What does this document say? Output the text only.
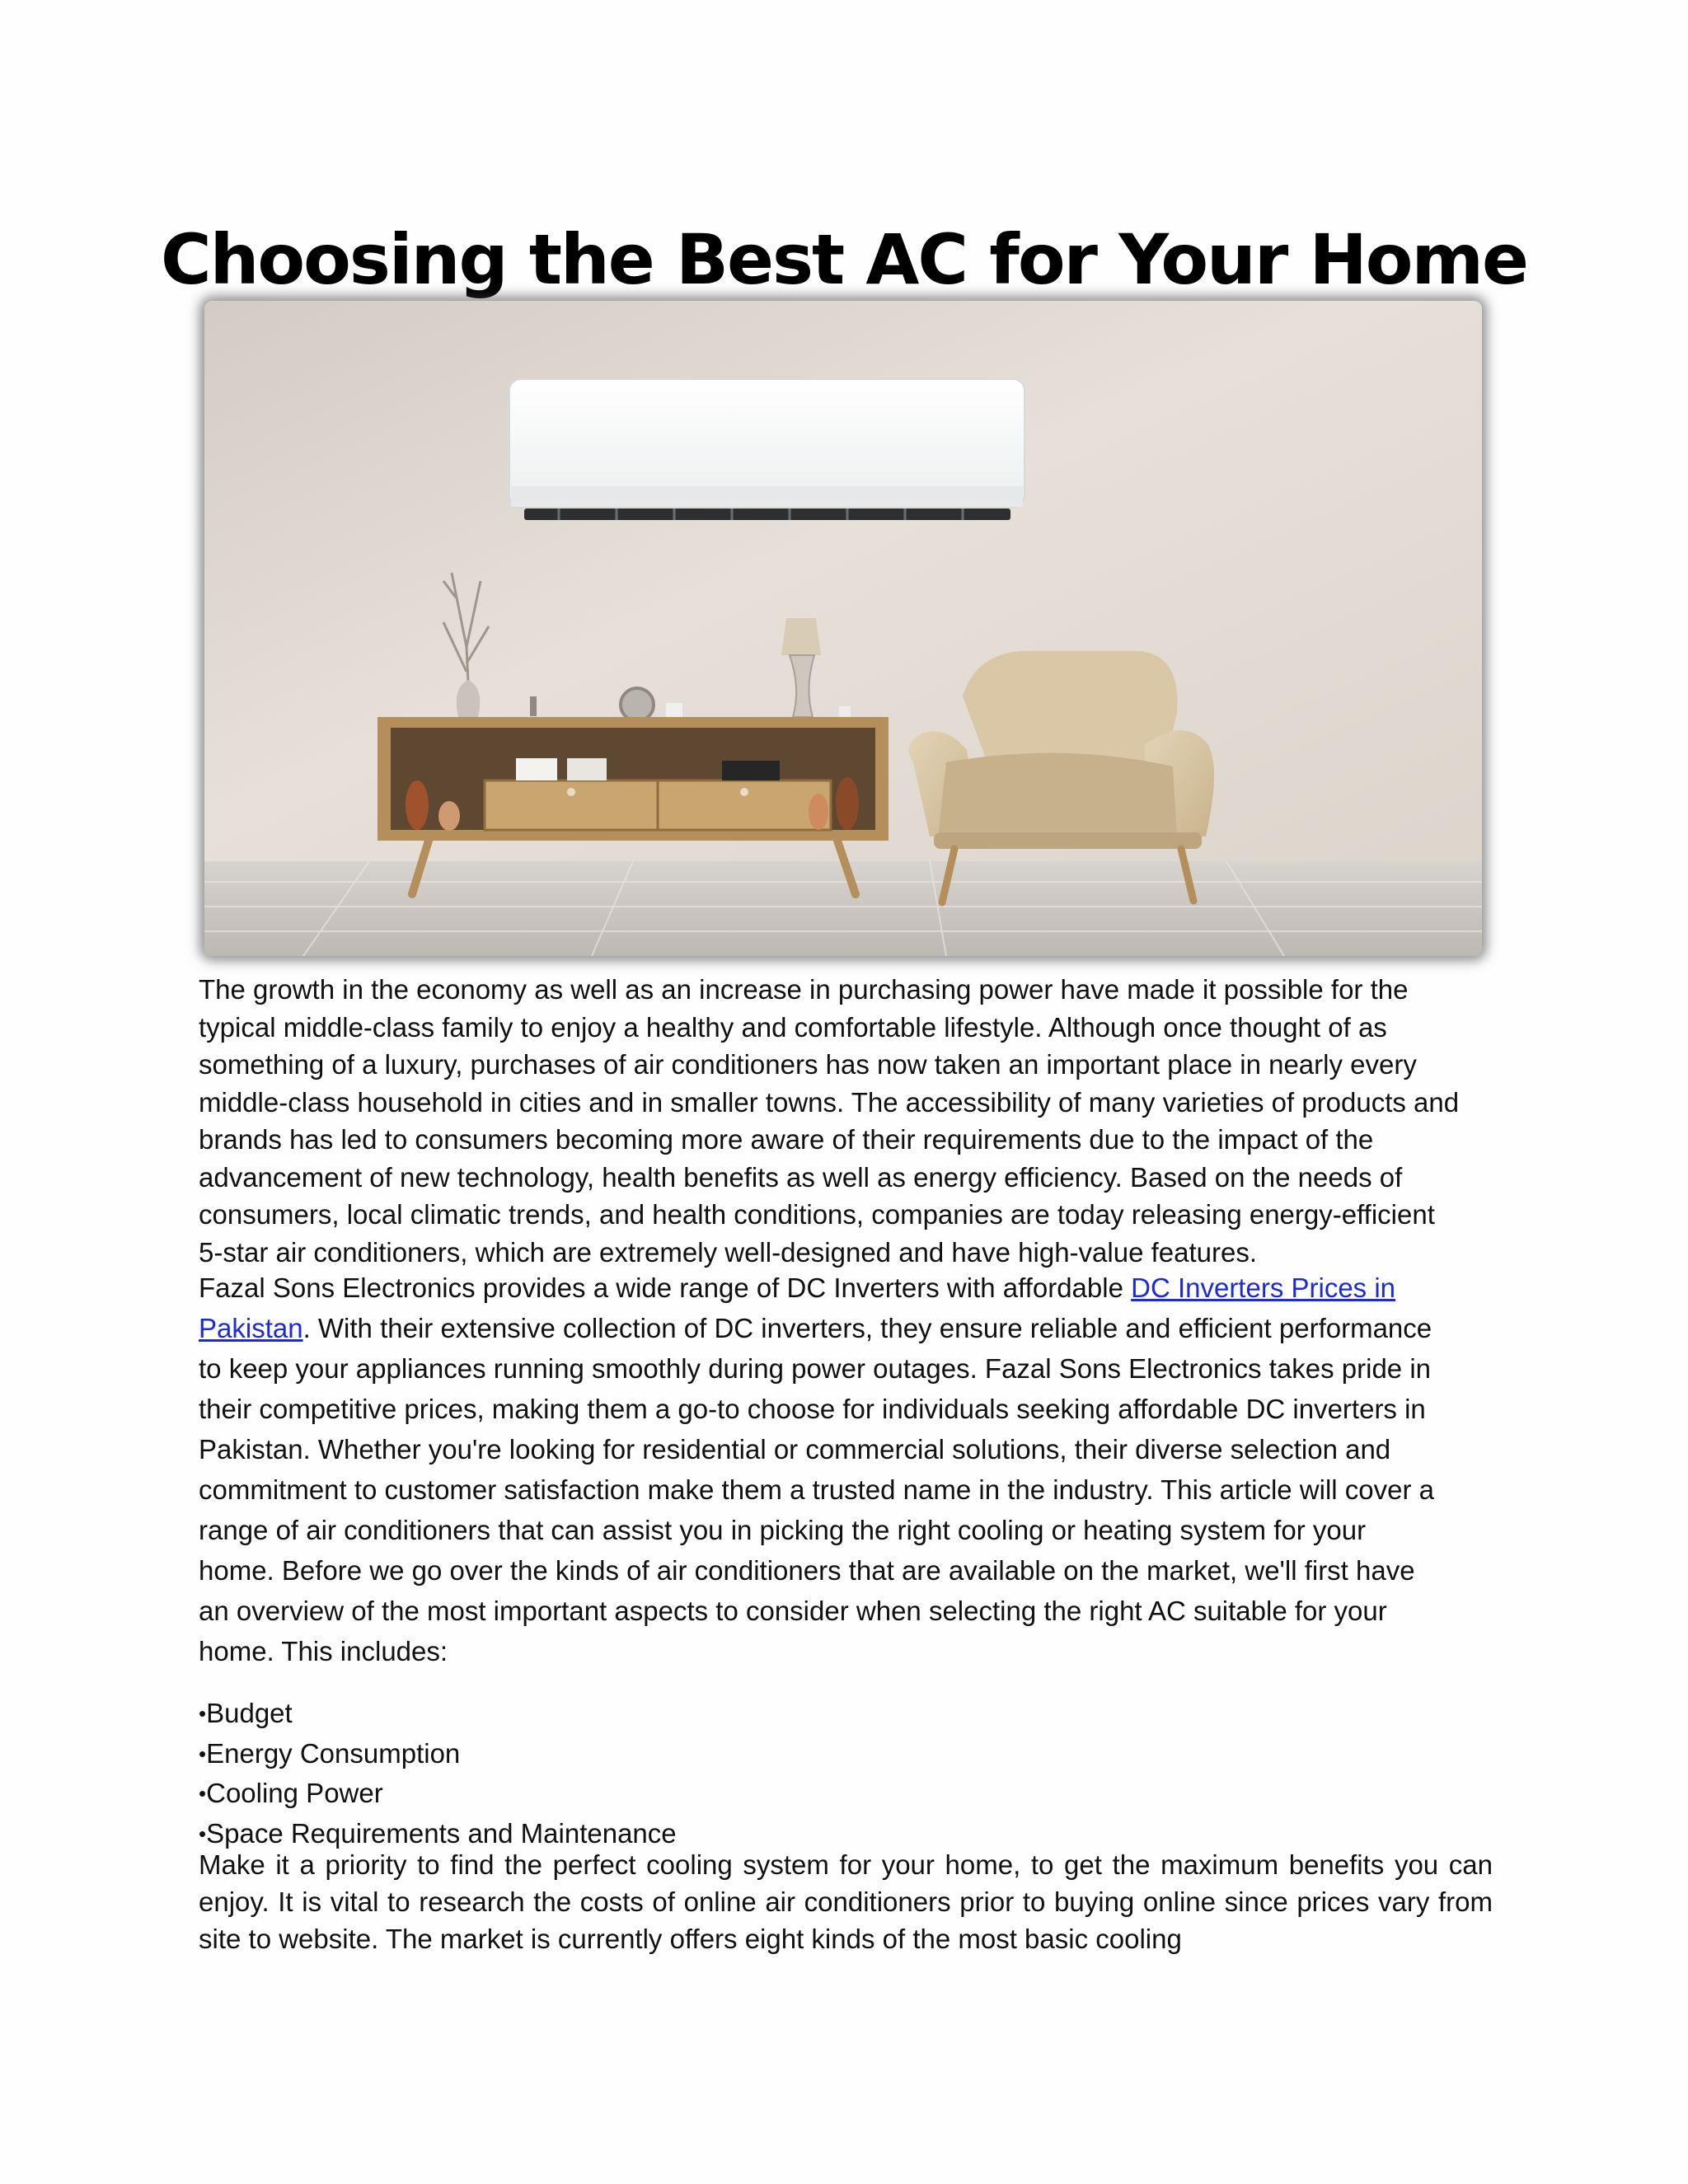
Choosing the Best AC for Your Home

The growth in the economy as well as an increase in purchasing power have made it possible for the
typical middle-class family to enjoy a healthy and comfortable lifestyle. Although once thought of as
something of a luxury, purchases of air conditioners has now taken an important place in nearly every
middle-class household in cities and in smaller towns. The accessibility of many varieties of products and
brands has led to consumers becoming more aware of their requirements due to the impact of the
advancement of new technology, health benefits as well as energy efficiency. Based on the needs of
consumers, local climatic trends, and health conditions, companies are today releasing energy-efficient
5-star air conditioners, which are extremely well-designed and have high-value features.

Fazal Sons Electronics provides a wide range of DC Inverters with affordable DC Inverters Prices in
Pakistan. With their extensive collection of DC inverters, they ensure reliable and efficient performance
to keep your appliances running smoothly during power outages. Fazal Sons Electronics takes pride in
their competitive prices, making them a go-to choose for individuals seeking affordable DC inverters in
Pakistan. Whether you're looking for residential or commercial solutions, their diverse selection and
commitment to customer satisfaction make them a trusted name in the industry. This article will cover a
range of air conditioners that can assist you in picking the right cooling or heating system for your
home. Before we go over the kinds of air conditioners that are available on the market, we'll first have
an overview of the most important aspects to consider when selecting the right AC suitable for your
home. This includes:

•Budget
•Energy Consumption
•Cooling Power
•Space Requirements and Maintenance

Make it a priority to find the perfect cooling system for your home, to get the maximum benefits you can enjoy. It is vital to research the costs of online air conditioners prior to buying online since prices vary from site to website. The market is currently offers eight kinds of the most basic cooling
